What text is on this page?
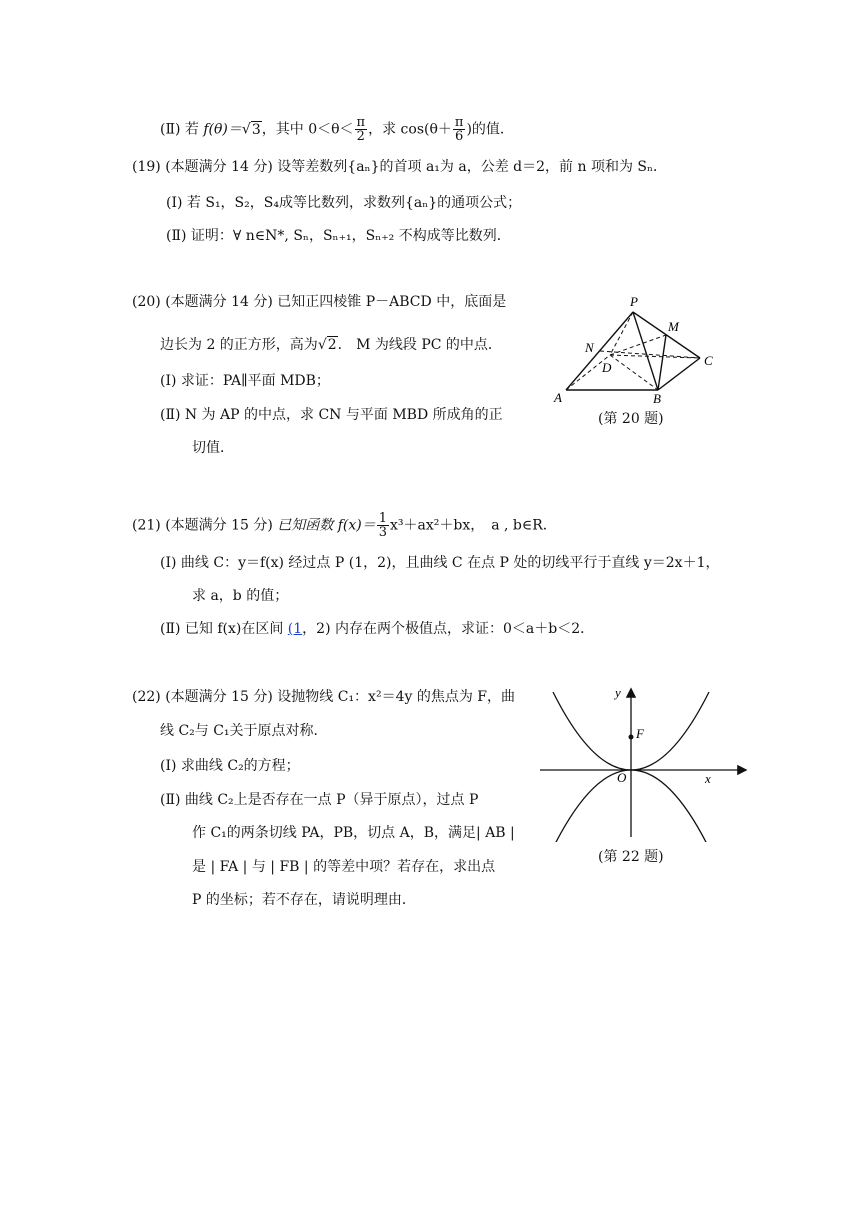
(Ⅱ) 若 f(θ)＝√3，其中 $0<\theta< \frac{\pi}{2}$ ，求 $\cos(\theta+ \frac{\pi}{6}$ )的值．
(19) (本题满分 14 分) 设等差数列{aₙ}的首项 a₁为 a，公差 d＝2，前 n 项和为 Sₙ．
(Ⅰ) 若 S₁，S₂，S₄成等比数列，求数列{aₙ}的通项公式；
(Ⅱ) 证明：∀ n∈N*, Sₙ，Sₙ₊₁，Sₙ₊₂ 不构成等比数列．
(20) (本题满分 14 分) 已知正四棱锥 P－ABCD 中，底面是
边长为 2 的正方形，高为√2． M 为线段 PC 的中点．
(Ⅰ) 求证：PA∥平面 MDB；
(Ⅱ) N 为 AP 的中点，求 CN 与平面 MBD 所成角的正
切值．
P
M
N
D	C
A	B
(第 20 题)
(21) (本题满分 15 分) 已知函数 $f(x)= \frac{1}{3} x^3+ax^2+bx$，　a , b∈R．
(Ⅰ) 曲线 C：y＝f(x) 经过点 P (1，2)，且曲线 C 在点 P 处的切线平行于直线 y＝2x＋1，
求 a，b 的值；
(Ⅱ) 已知 f(x)在区间 (1，2) 内存在两个极值点，求证：0＜a＋b＜2．
(22) (本题满分 15 分) 设抛物线 C₁：x²＝4y 的焦点为 F，曲
线 C₂与 C₁关于原点对称．
(Ⅰ) 求曲线 C₂的方程；
(Ⅱ) 曲线 C₂上是否存在一点 P（异于原点），过点 P
作 C₁的两条切线 PA，PB，切点 A，B，满足| AB |
是 | FA | 与 | FB | 的等差中项？若存在，求出点
P 的坐标；若不存在，请说明理由．
y
x
F
O
(第 22 题)
